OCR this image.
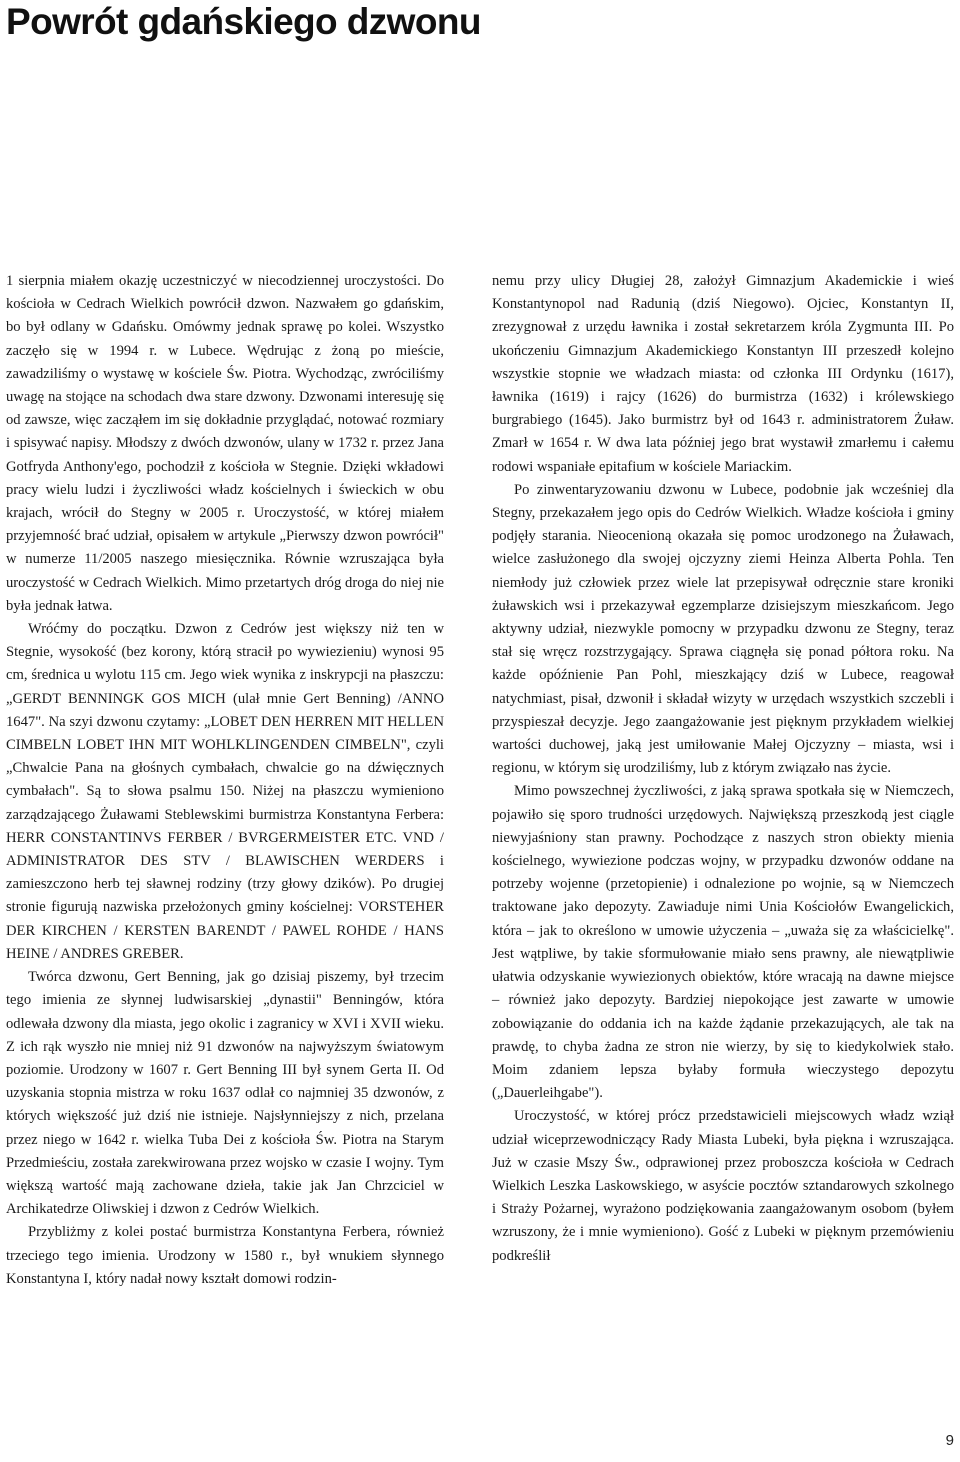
Powrót gdańskiego dzwonu

1 sierpnia miałem okazję uczestniczyć w niecodziennej uroczystości. Do kościoła w Cedrach Wielkich powrócił dzwon. Nazwałem go gdańskim, bo był odlany w Gdańsku. Omówmy jednak sprawę po kolei. Wszystko zaczęło się w 1994 r. w Lubece. Wędrując z żoną po mieście, zawadziliśmy o wystawę w kościele Św. Piotra. Wychodząc, zwróciliśmy uwagę na stojące na schodach dwa stare dzwony. Dzwonami interesuję się od zawsze, więc zacząłem im się dokładnie przyglądać, notować rozmiary i spisywać napisy. Młodszy z dwóch dzwonów, ulany w 1732 r. przez Jana Gotfryda Anthony'ego, pochodził z kościoła w Stegnie. Dzięki wkładowi pracy wielu ludzi i życzliwości władz kościelnych i świeckich w obu krajach, wrócił do Stegny w 2005 r. Uroczystość, w której miałem przyjemność brać udział, opisałem w artykule „Pierwszy dzwon powrócił" w numerze 11/2005 naszego miesięcznika. Równie wzruszająca była uroczystość w Cedrach Wielkich. Mimo przetartych dróg droga do niej nie była jednak łatwa.

Wróćmy do początku. Dzwon z Cedrów jest większy niż ten w Stegnie, wysokość (bez korony, którą stracił po wywiezieniu) wynosi 95 cm, średnica u wylotu 115 cm. Jego wiek wynika z inskrypcji na płaszczu: „GERDT BENNINGK GOS MICH (ulał mnie Gert Benning) /ANNO 1647". Na szyi dzwonu czytamy: „LOBET DEN HERREN MIT HELLEN CIMBELN LOBET IHN MIT WOHLKLINGENDEN CIMBELN", czyli „Chwalcie Pana na głośnych cymbałach, chwalcie go na dźwięcznych cymbałach". Są to słowa psalmu 150. Niżej na płaszczu wymieniono zarządzającego Żuławami Steblewskimi burmistrza Konstantyna Ferbera: HERR CONSTANTINVS FERBER / BVRGERMEISTER ETC. VND / ADMINISTRATOR DES STV / BLAWISCHEN WERDERS i zamieszczono herb tej sławnej rodziny (trzy głowy dzików). Po drugiej stronie figurują nazwiska przełożonych gminy kościelnej: VORSTEHER DER KIRCHEN / KERSTEN BARENDT / PAWEL ROHDE / HANS HEINE / ANDRES GREBER.

Twórca dzwonu, Gert Benning, jak go dzisiaj piszemy, był trzecim tego imienia ze słynnej ludwisarskiej „dynastii" Benningów, która odlewała dzwony dla miasta, jego okolic i zagranicy w XVI i XVII wieku. Z ich rąk wyszło nie mniej niż 91 dzwonów na najwyższym światowym poziomie. Urodzony w 1607 r. Gert Benning III był synem Gerta II. Od uzyskania stopnia mistrza w roku 1637 odlał co najmniej 35 dzwonów, z których większość już dziś nie istnieje. Najsłynniejszy z nich, przelana przez niego w 1642 r. wielka Tuba Dei z kościoła Św. Piotra na Starym Przedmieściu, została zarekwirowana przez wojsko w czasie I wojny. Tym większą wartość mają zachowane dzieła, takie jak Jan Chrzciciel w Archikatedrze Oliwskiej i dzwon z Cedrów Wielkich.

Przybliżmy z kolei postać burmistrza Konstantyna Ferbera, również trzeciego tego imienia. Urodzony w 1580 r., był wnukiem słynnego Konstantyna I, który nadał nowy kształt domowi rodzin-

nemu przy ulicy Długiej 28, założył Gimnazjum Akademickie i wieś Konstantynopol nad Radunią (dziś Niegowo). Ojciec, Konstantyn II, zrezygnował z urzędu ławnika i został sekretarzem króla Zygmunta III. Po ukończeniu Gimnazjum Akademickiego Konstantyn III przeszedł kolejno wszystkie stopnie we władzach miasta: od członka III Ordynku (1617), ławnika (1619) i rajcy (1626) do burmistrza (1632) i królewskiego burgrabiego (1645). Jako burmistrz był od 1643 r. administratorem Żuław. Zmarł w 1654 r. W dwa lata później jego brat wystawił zmarłemu i całemu rodowi wspaniałe epitafium w kościele Mariackim.

Po zinwentaryzowaniu dzwonu w Lubece, podobnie jak wcześniej dla Stegny, przekazałem jego opis do Cedrów Wielkich. Władze kościoła i gminy podjęły starania. Nieocenioną okazała się pomoc urodzonego na Żuławach, wielce zasłużonego dla swojej ojczyzny ziemi Heinza Alberta Pohla. Ten niemłody już człowiek przez wiele lat przepisywał odręcznie stare kroniki żuławskich wsi i przekazywał egzemplarze dzisiejszym mieszkańcom. Jego aktywny udział, niezwykle pomocny w przypadku dzwonu ze Stegny, teraz stał się wręcz rozstrzygający. Sprawa ciągnęła się ponad półtora roku. Na każde opóźnienie Pan Pohl, mieszkający dziś w Lubece, reagował natychmiast, pisał, dzwonił i składał wizyty w urzędach wszystkich szczebli i przyspieszał decyzje. Jego zaangażowanie jest pięknym przykładem wielkiej wartości duchowej, jaką jest umiłowanie Małej Ojczyzny – miasta, wsi i regionu, w którym się urodziliśmy, lub z którym związało nas życie.

Mimo powszechnej życzliwości, z jaką sprawa spotkała się w Niemczech, pojawiło się sporo trudności urzędowych. Największą przeszkodą jest ciągle niewyjaśniony stan prawny. Pochodzące z naszych stron obiekty mienia kościelnego, wywiezione podczas wojny, w przypadku dzwonów oddane na potrzeby wojenne (przetopienie) i odnalezione po wojnie, są w Niemczech traktowane jako depozyty. Zawiaduje nimi Unia Kościołów Ewangelickich, która – jak to określono w umowie użyczenia – „uważa się za właścicielkę". Jest wątpliwe, by takie sformułowanie miało sens prawny, ale niewątpliwie ułatwia odzyskanie wywiezionych obiektów, które wracają na dawne miejsce – również jako depozyty. Bardziej niepokojące jest zawarte w umowie zobowiązanie do oddania ich na każde żądanie przekazujących, ale tak na prawdę, to chyba żadna ze stron nie wierzy, by się to kiedykolwiek stało. Moim zdaniem lepsza byłaby formuła wieczystego depozytu („Dauerleihgabe").

Uroczystość, w której prócz przedstawicieli miejscowych władz wziął udział wiceprzewodniczący Rady Miasta Lubeki, była piękna i wzruszająca. Już w czasie Mszy Św., odprawionej przez proboszcza kościoła w Cedrach Wielkich Leszka Laskowskiego, w asyście pocztów sztandarowych szkolnego i Straży Pożarnej, wyrażono podziękowania zaangażowanym osobom (byłem wzruszony, że i mnie wymieniono). Gość z Lubeki w pięknym przemówieniu podkreślił

9
